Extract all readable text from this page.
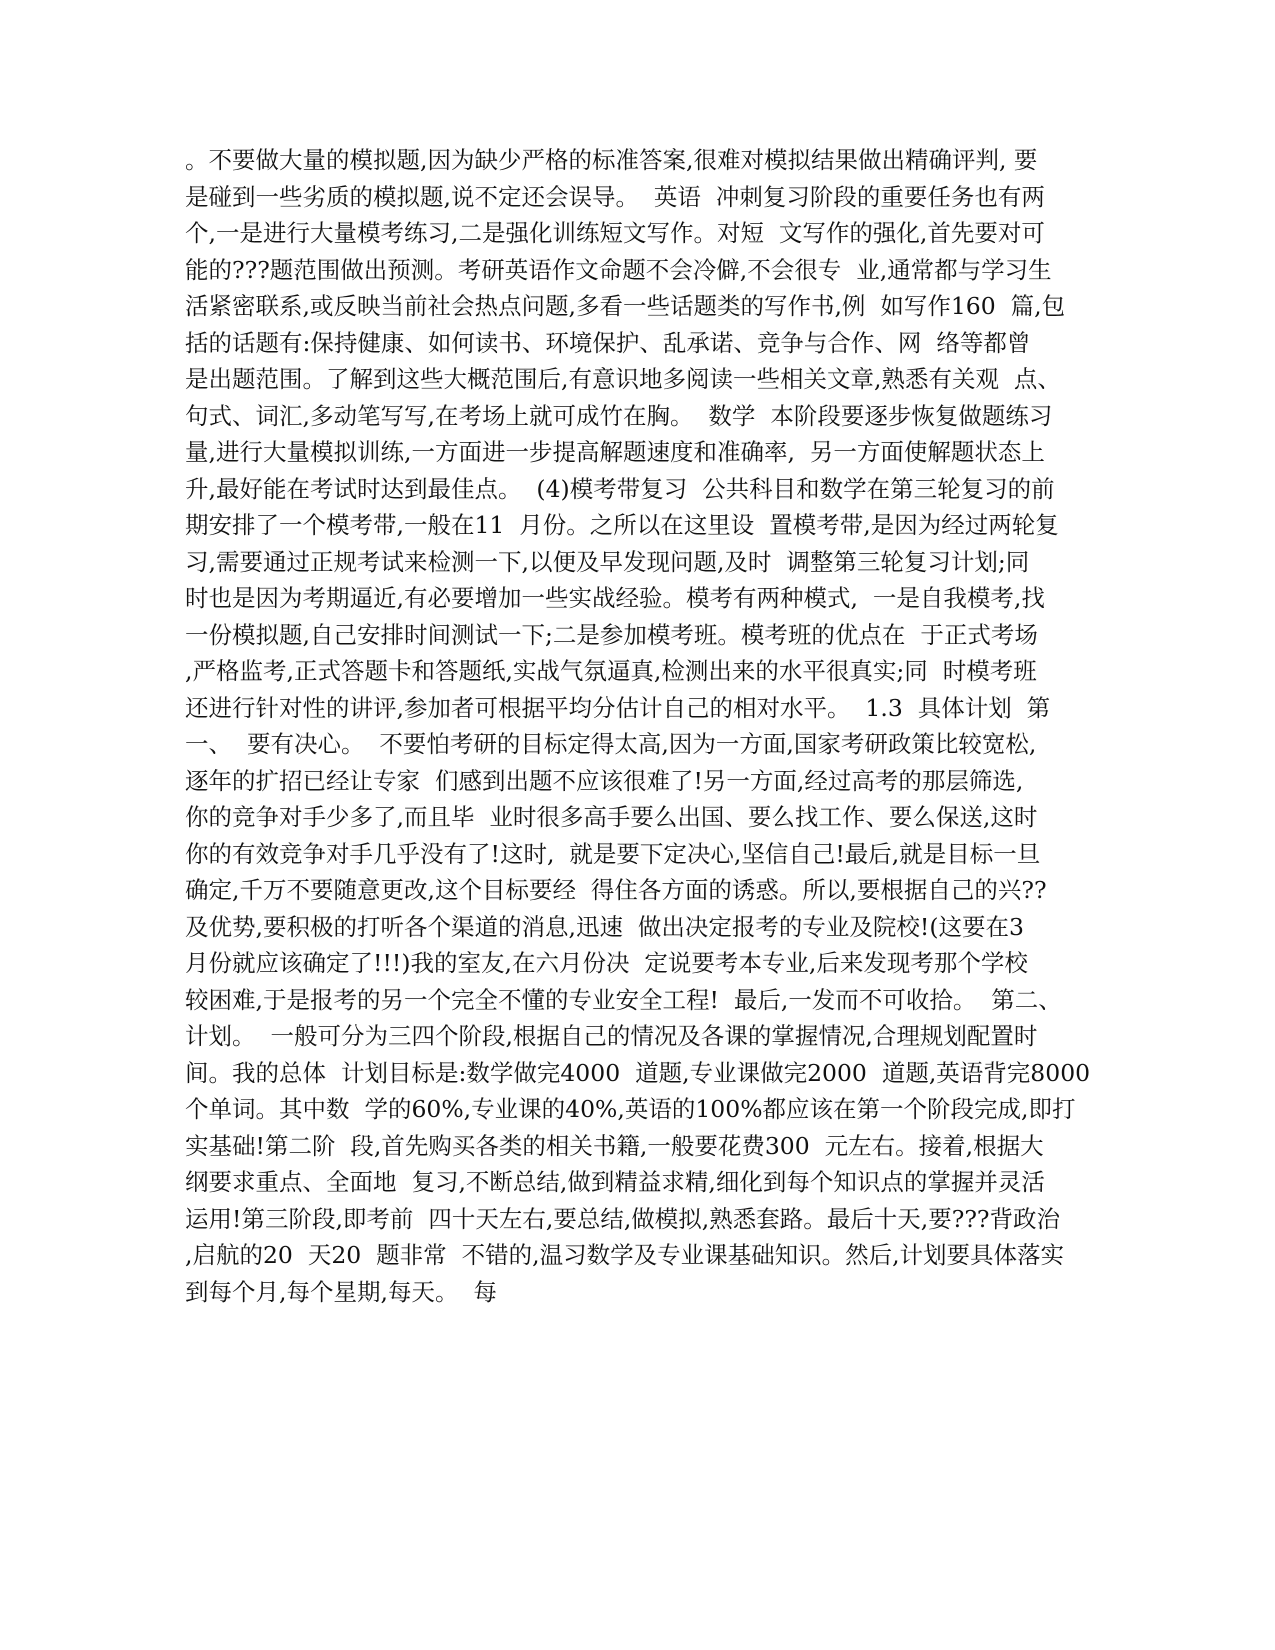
。不要做大量的模拟题,因为缺少严格的标准答案,很难对模拟结果做出精确评判, 要
是碰到一些劣质的模拟题,说不定还会误导。  英语  冲刺复习阶段的重要任务也有两
个,一是进行大量模考练习,二是强化训练短文写作。对短  文写作的强化,首先要对可
能的???题范围做出预测。考研英语作文命题不会冷僻,不会很专  业,通常都与学习生
活紧密联系,或反映当前社会热点问题,多看一些话题类的写作书,例  如写作160  篇,包
括的话题有:保持健康、如何读书、环境保护、乱承诺、竞争与合作、网  络等都曾
是出题范围。了解到这些大概范围后,有意识地多阅读一些相关文章,熟悉有关观  点、
句式、词汇,多动笔写写,在考场上就可成竹在胸。  数学  本阶段要逐步恢复做题练习
量,进行大量模拟训练,一方面进一步提高解题速度和准确率,  另一方面使解题状态上
升,最好能在考试时达到最佳点。  (4)模考带复习  公共科目和数学在第三轮复习的前
期安排了一个模考带,一般在11  月份。之所以在这里设  置模考带,是因为经过两轮复
习,需要通过正规考试来检测一下,以便及早发现问题,及时  调整第三轮复习计划;同
时也是因为考期逼近,有必要增加一些实战经验。模考有两种模式,  一是自我模考,找
一份模拟题,自己安排时间测试一下;二是参加模考班。模考班的优点在  于正式考场
,严格监考,正式答题卡和答题纸,实战气氛逼真,检测出来的水平很真实;同  时模考班
还进行针对性的讲评,参加者可根据平均分估计自己的相对水平。  1.3  具体计划  第
一、  要有决心。  不要怕考研的目标定得太高,因为一方面,国家考研政策比较宽松,
逐年的扩招已经让专家  们感到出题不应该很难了!另一方面,经过高考的那层筛选,
你的竞争对手少多了,而且毕  业时很多高手要么出国、要么找工作、要么保送,这时
你的有效竞争对手几乎没有了!这时,  就是要下定决心,坚信自己!最后,就是目标一旦
确定,千万不要随意更改,这个目标要经  得住各方面的诱惑。所以,要根据自己的兴??
及优势,要积极的打听各个渠道的消息,迅速  做出决定报考的专业及院校!(这要在3
月份就应该确定了!!!)我的室友,在六月份决  定说要考本专业,后来发现考那个学校
较困难,于是报考的另一个完全不懂的专业安全工程!  最后,一发而不可收拾。  第二、
计划。  一般可分为三四个阶段,根据自己的情况及各课的掌握情况,合理规划配置时
间。我的总体  计划目标是:数学做完4000  道题,专业课做完2000  道题,英语背完8000
个单词。其中数  学的60%,专业课的40%,英语的100%都应该在第一个阶段完成,即打
实基础!第二阶  段,首先购买各类的相关书籍,一般要花费300  元左右。接着,根据大
纲要求重点、全面地  复习,不断总结,做到精益求精,细化到每个知识点的掌握并灵活
运用!第三阶段,即考前  四十天左右,要总结,做模拟,熟悉套路。最后十天,要???背政治
,启航的20  天20  题非常  不错的,温习数学及专业课基础知识。然后,计划要具体落实
到每个月,每个星期,每天。  每
